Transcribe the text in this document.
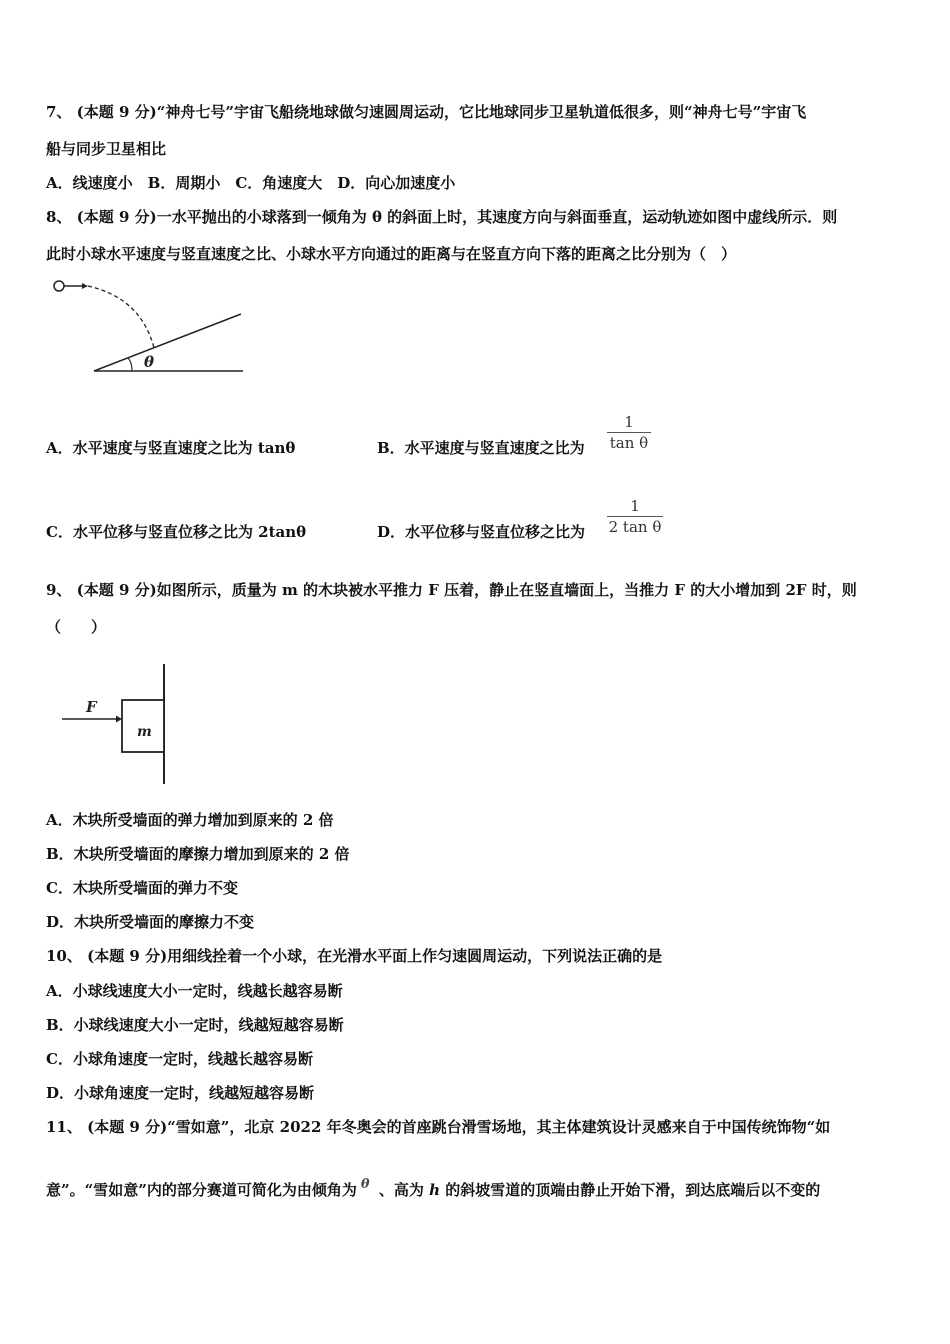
7、 (本题 9 分)“神舟七号”宇宙飞船绕地球做匀速圆周运动，它比地球同步卫星轨道低很多，则“神舟七号”宇宙飞
船与同步卫星相比
A．线速度小　B．周期小　C．角速度大　D．向心加速度小
8、 (本题 9 分)一水平抛出的小球落到一倾角为 θ 的斜面上时，其速度方向与斜面垂直，运动轨迹如图中虚线所示．则
此时小球水平速度与竖直速度之比、小球水平方向通过的距离与在竖直方向下落的距离之比分别为（　）
θ
A．水平速度与竖直速度之比为 tanθ	B．水平速度与竖直速度之比为
1
tan θ
C．水平位移与竖直位移之比为 2tanθ	D．水平位移与竖直位移之比为
1
2 tan θ
9、 (本题 9 分)如图所示，质量为 m 的木块被水平推力 F 压着，静止在竖直墙面上，当推力 F 的大小增加到 2F 时，则
（　　）
F
m
A．木块所受墙面的弹力增加到原来的 2 倍
B．木块所受墙面的摩擦力增加到原来的 2 倍
C．木块所受墙面的弹力不变
D．木块所受墙面的摩擦力不变
10、 (本题 9 分)用细线拴着一个小球，在光滑水平面上作匀速圆周运动，下列说法正确的是
A．小球线速度大小一定时，线越长越容易断
B．小球线速度大小一定时，线越短越容易断
C．小球角速度一定时，线越长越容易断
D．小球角速度一定时，线越短越容易断
11、 (本题 9 分)“雪如意”，北京 2022 年冬奥会的首座跳台滑雪场地，其主体建筑设计灵感来自于中国传统饰物“如
意”。“雪如意”内的部分赛道可简化为由倾角为 θ 、高为 h 的斜坡雪道的顶端由静止开始下滑，到达底端后以不变的
